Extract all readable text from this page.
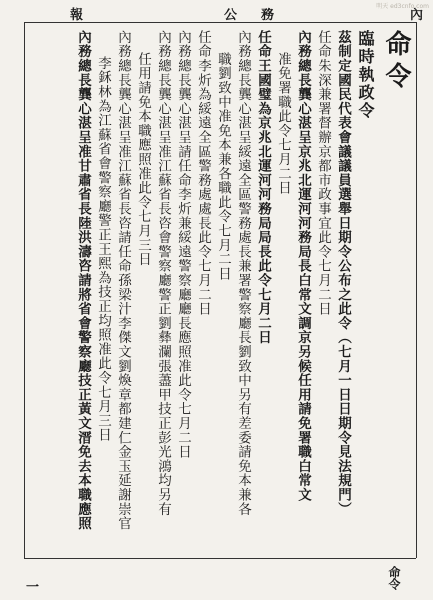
內
務
公
報
明天 ed3cnfo.com
命令
臨時執政令
茲制定國民代表會議議員選舉日期令公布之此令（七月一日日期令見法規門）
任命朱深兼署督辦京都市政事宜此令七月二日
內務總長龔心湛呈京兆北運河河務局長白常文調京另候任用請免署職白常文
准免署職此令七月二日
任命王國璧為京兆北運河河務局局長此令七月二日
內務總長龔心湛呈綏遠全區警務處長兼署警察廳長劉致中另有差委請免本兼各
職劉致中准免本兼各職此令七月二日
任命李炘為綏遠全區警務處處長此令七月二日
內務總長龔心湛呈請任命李炘兼綏遠警察廳廳長應照准此令七月二日
內務總長龔心湛呈准江蘇省長咨會警察廳警正劉彝瀾張藎甲技正彭光鴻均另有
任用請免本職應照准此令七月三日
內務總長龔心湛呈准江蘇省長咨請任命孫梁汁李傑文劉煥章都建仁金玉延謝崇官
李鉌林為江蘇省會警察廳警正王熙為技正均照准此令七月三日
內務總長龔心湛呈准甘肅省長陸洪濤咨請將省會警察廳技正黃文溍免去本職應照
命令
一
